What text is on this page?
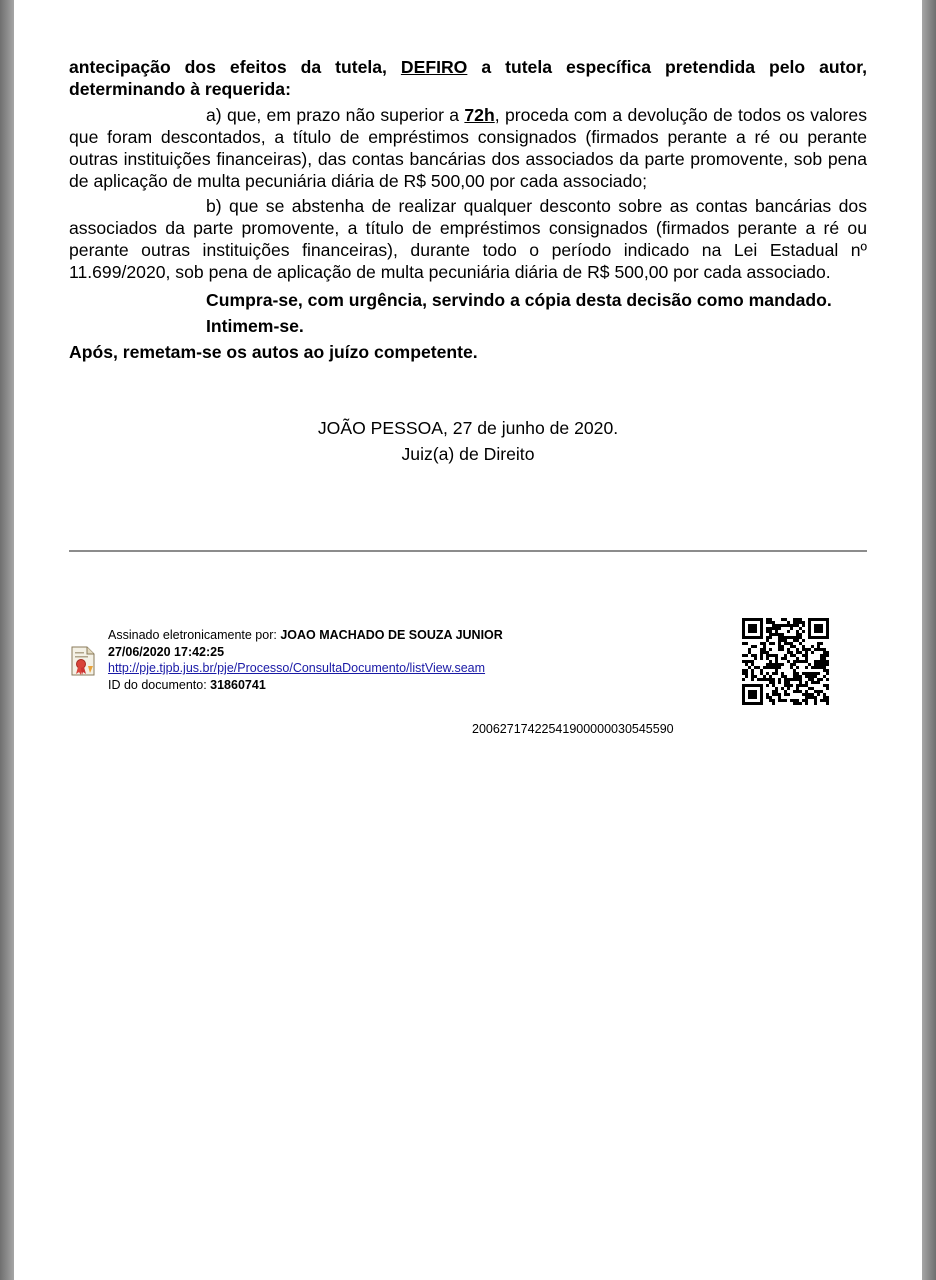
antecipação dos efeitos da tutela, DEFIRO a tutela específica pretendida pelo autor, determinando à requerida:

a) que, em prazo não superior a 72h, proceda com a devolução de todos os valores que foram descontados, a título de empréstimos consignados (firmados perante a ré ou perante outras instituições financeiras), das contas bancárias dos associados da parte promovente, sob pena de aplicação de multa pecuniária diária de R$ 500,00 por cada associado;

b) que se abstenha de realizar qualquer desconto sobre as contas bancárias dos associados da parte promovente, a título de empréstimos consignados (firmados perante a ré ou perante outras instituições financeiras), durante todo o período indicado na Lei Estadual nº 11.699/2020, sob pena de aplicação de multa pecuniária diária de R$ 500,00 por cada associado.

Cumpra-se, com urgência, servindo a cópia desta decisão como mandado.

Intimem-se.

Após, remetam-se os autos ao juízo competente.

JOÃO PESSOA, 27 de junho de 2020.
Juiz(a) de Direito
Assinado eletronicamente por: JOAO MACHADO DE SOUZA JUNIOR
27/06/2020 17:42:25
http://pje.tjpb.jus.br/pje/Processo/ConsultaDocumento/listView.seam
ID do documento: 31860741
20062717422541900000030545590
